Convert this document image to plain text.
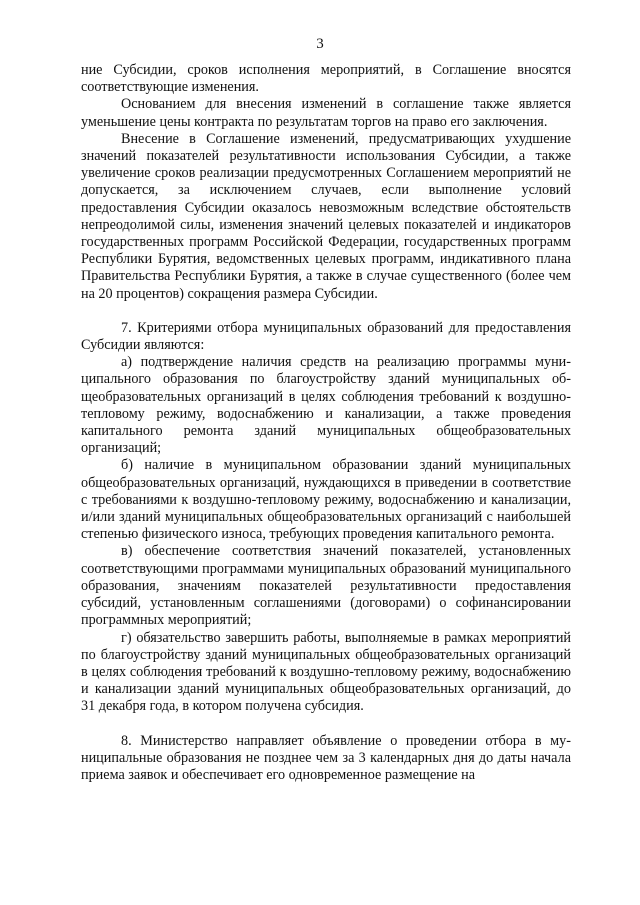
3

ние Субсидии, сроков исполнения мероприятий, в Соглашение вносятся соответствующие изменения.

Основанием для внесения изменений в соглашение также является уменьшение цены контракта по результатам торгов на право его заключения.

Внесение в Соглашение изменений, предусматривающих ухудшение значений показателей результативности использования Субсидии, а также увеличение сроков реализации предусмотренных Соглашением мероприятий не допускается, за исключением случаев, если выполнение условий предоставления Субсидии оказалось невозможным вследствие обстоятельств непреодолимой силы, изменения значений целевых показателей и индикаторов государственных программ Российской Федерации, государственных программ Республики Бурятия, ведомственных целевых программ, индикативного плана Правительства Республики Бурятия, а также в случае существенного (более чем на 20 процентов) сокращения размера Субсидии.

7. Критериями отбора муниципальных образований для предоставления Субсидии являются:

а) подтверждение наличия средств на реализацию программы муниципального образования по благоустройству зданий муниципальных общеобразовательных организаций в целях соблюдения требований к воздушно-тепловому режиму, водоснабжению и канализации, а также проведения капитального ремонта зданий муниципальных общеобразовательных организаций;

б) наличие в муниципальном образовании зданий муниципальных общеобразовательных организаций, нуждающихся в приведении в соответствие с требованиями к воздушно-тепловому режиму, водоснабжению и канализации, и/или зданий муниципальных общеобразовательных организаций с наибольшей степенью физического износа, требующих проведения капитального ремонта.

в) обеспечение соответствия значений показателей, установленных соответствующими программами муниципальных образований муниципального образования, значениям показателей результативности предоставления субсидий, установленным соглашениями (договорами) о софинансировании программных мероприятий;

г) обязательство завершить работы, выполняемые в рамках мероприятий по благоустройству зданий муниципальных общеобразовательных организаций в целях соблюдения требований к воздушно-тепловому режиму, водоснабжению и канализации зданий муниципальных общеобразовательных организаций, до 31 декабря года, в котором получена субсидия.

8. Министерство направляет объявление о проведении отбора в муниципальные образования не позднее чем за 3 календарных дня до даты начала приема заявок и обеспечивает его одновременное размещение на
